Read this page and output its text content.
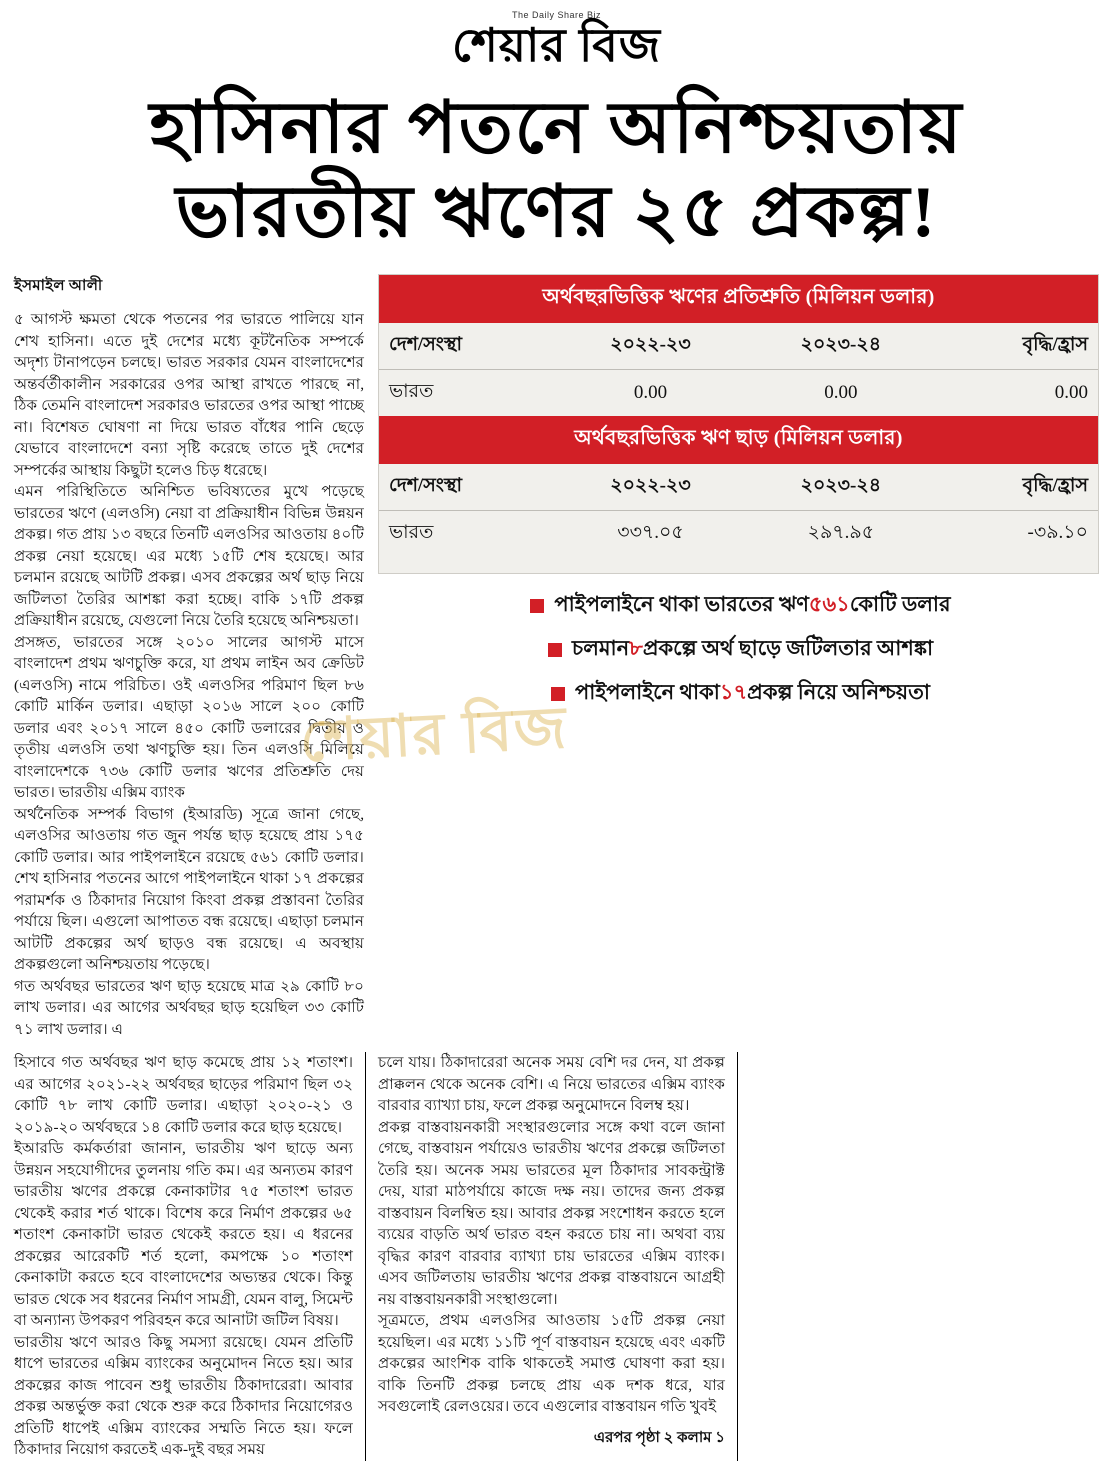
The Daily Share Biz
শেয়ার বিজ
হাসিনার পতনে অনিশ্চয়তায়
ভারতীয় ঋণের ২৫ প্রকল্প!
ইসমাইল আলী

৫ আগস্ট ক্ষমতা থেকে পতনের পর ভারতে পালিয়ে যান শেখ হাসিনা। এতে দুই দেশের মধ্যে কূটনৈতিক সম্পর্কে অদৃশ্য টানাপড়েন চলছে। ভারত সরকার যেমন বাংলাদেশের অন্তর্বর্তীকালীন সরকারের ওপর আস্থা রাখতে পারছে না, ঠিক তেমনি বাংলাদেশ সরকারও ভারতের ওপর আস্থা পাচ্ছে না। বিশেষত ঘোষণা না দিয়ে ভারত বাঁধের পানি ছেড়ে যেভাবে বাংলাদেশে বন্যা সৃষ্টি করেছে তাতে দুই দেশের সম্পর্কের আস্থায় কিছুটা হলেও চিড় ধরেছে।

এমন পরিস্থিতিতে অনিশ্চিত ভবিষ্যতের মুখে পড়েছে ভারতের ঋণে (এলওসি) নেয়া বা প্রক্রিয়াধীন বিভিন্ন উন্নয়ন প্রকল্প। গত প্রায় ১৩ বছরে তিনটি এলওসির আওতায় ৪০টি প্রকল্প নেয়া হয়েছে। এর মধ্যে ১৫টি শেষ হয়েছে। আর চলমান রয়েছে আটটি প্রকল্প। এসব প্রকল্পের অর্থ ছাড় নিয়ে জটিলতা তৈরির আশঙ্কা করা হচ্ছে। বাকি ১৭টি প্রকল্প প্রক্রিয়াধীন রয়েছে, যেগুলো নিয়ে তৈরি হয়েছে অনিশ্চয়তা।

প্রসঙ্গত, ভারতের সঙ্গে ২০১০ সালের আগস্ট মাসে বাংলাদেশ প্রথম ঋণচুক্তি করে, যা প্রথম লাইন অব ক্রেডিট (এলওসি) নামে পরিচিত। ওই এলওসির পরিমাণ ছিল ৮৬ কোটি মার্কিন ডলার। এছাড়া ২০১৬ সালে ২০০ কোটি ডলার এবং ২০১৭ সালে ৪৫০ কোটি ডলারের দ্বিতীয় ও তৃতীয় এলওসি তথা ঋণচুক্তি হয়। তিন এলওসি মিলিয়ে বাংলাদেশকে ৭৩৬ কোটি ডলার ঋণের প্রতিশ্রুতি দেয় ভারত। ভারতীয় এক্সিম ব্যাংক

অর্থনৈতিক সম্পর্ক বিভাগ (ইআরডি) সূত্রে জানা গেছে, এলওসির আওতায় গত জুন পর্যন্ত ছাড় হয়েছে প্রায় ১৭৫ কোটি ডলার। আর পাইপলাইনে রয়েছে ৫৬১ কোটি ডলার। শেখ হাসিনার পতনের আগে পাইপলাইনে থাকা ১৭ প্রকল্পের পরামর্শক ও ঠিকাদার নিয়োগ কিংবা প্রকল্প প্রস্তাবনা তৈরির পর্যায়ে ছিল। এগুলো আপাতত বন্ধ রয়েছে। এছাড়া চলমান আটটি প্রকল্পের অর্থ ছাড়ও বন্ধ রয়েছে। এ অবস্থায় প্রকল্পগুলো অনিশ্চয়তায় পড়েছে।

গত অর্থবছর ভারতের ঋণ ছাড় হয়েছে মাত্র ২৯ কোটি ৮০ লাখ ডলার। এর আগের অর্থবছর ছাড় হয়েছিল ৩৩ কোটি ৭১ লাখ ডলার। এ

অর্থবছরভিত্তিক ঋণের প্রতিশ্রুতি (মিলিয়ন ডলার)
দেশ/সংস্থা	২০২২-২৩	২০২৩-২৪	বৃদ্ধি/হ্রাস
ভারত	0.00	0.00	0.00
অর্থবছরভিত্তিক ঋণ ছাড় (মিলিয়ন ডলার)
দেশ/সংস্থা	২০২২-২৩	২০২৩-২৪	বৃদ্ধি/হ্রাস
ভারত	৩৩৭.০৫	২৯৭.৯৫	-৩৯.১০
পাইপলাইনে থাকা ভারতের ঋণ ৫৬১ কোটি ডলার
চলমান ৮ প্রকল্পে অর্থ ছাড়ে জটিলতার আশঙ্কা
পাইপলাইনে থাকা ১৭ প্রকল্প নিয়ে অনিশ্চয়তা

হিসাবে গত অর্থবছর ঋণ ছাড় কমেছে প্রায় ১২ শতাংশ। এর আগের ২০২১-২২ অর্থবছর ছাড়ের পরিমাণ ছিল ৩২ কোটি ৭৮ লাখ কোটি ডলার। এছাড়া ২০২০-২১ ও ২০১৯-২০ অর্থবছরে ১৪ কোটি ডলার করে ছাড় হয়েছে।

ইআরডি কর্মকর্তারা জানান, ভারতীয় ঋণ ছাড়ে অন্য উন্নয়ন সহযোগীদের তুলনায় গতি কম। এর অন্যতম কারণ ভারতীয় ঋণের প্রকল্পে কেনাকাটার ৭৫ শতাংশ ভারত থেকেই করার শর্ত থাকে। বিশেষ করে নির্মাণ প্রকল্পের ৬৫ শতাংশ কেনাকাটা ভারত থেকেই করতে হয়। এ ধরনের প্রকল্পের আরেকটি শর্ত হলো, কমপক্ষে ১০ শতাংশ কেনাকাটা করতে হবে বাংলাদেশের অভ্যন্তর থেকে। কিন্তু ভারত থেকে সব ধরনের নির্মাণ সামগ্রী, যেমন বালু, সিমেন্ট বা অন্যান্য উপকরণ পরিবহন করে আনাটা জটিল বিষয়।

ভারতীয় ঋণে আরও কিছু সমস্যা রয়েছে। যেমন প্রতিটি ধাপে ভারতের এক্সিম ব্যাংকের অনুমোদন নিতে হয়। আর প্রকল্পের কাজ পাবেন শুধু ভারতীয় ঠিকাদারেরা। আবার প্রকল্প অন্তর্ভুক্ত করা থেকে শুরু করে ঠিকাদার নিয়োগেরও প্রতিটি ধাপেই এক্সিম ব্যাংকের সম্মতি নিতে হয়। ফলে ঠিকাদার নিয়োগ করতেই এক-দুই বছর সময়

চলে যায়। ঠিকাদারেরা অনেক সময় বেশি দর দেন, যা প্রকল্প প্রাক্কলন থেকে অনেক বেশি। এ নিয়ে ভারতের এক্সিম ব্যাংক বারবার ব্যাখ্যা চায়, ফলে প্রকল্প অনুমোদনে বিলম্ব হয়।

প্রকল্প বাস্তবায়নকারী সংস্থারগুলোর সঙ্গে কথা বলে জানা গেছে, বাস্তবায়ন পর্যায়েও ভারতীয় ঋণের প্রকল্পে জটিলতা তৈরি হয়। অনেক সময় ভারতের মূল ঠিকাদার সাবকন্ট্রাক্ট দেয়, যারা মাঠপর্যায়ে কাজে দক্ষ নয়। তাদের জন্য প্রকল্প বাস্তবায়ন বিলম্বিত হয়। আবার প্রকল্প সংশোধন করতে হলে ব্যয়ের বাড়তি অর্থ ভারত বহন করতে চায় না। অথবা ব্যয় বৃদ্ধির কারণ বারবার ব্যাখ্যা চায় ভারতের এক্সিম ব্যাংক। এসব জটিলতায় ভারতীয় ঋণের প্রকল্প বাস্তবায়নে আগ্রহী নয় বাস্তবায়নকারী সংস্থাগুলো।

সূত্রমতে, প্রথম এলওসির আওতায় ১৫টি প্রকল্প নেয়া হয়েছিল। এর মধ্যে ১১টি পূর্ণ বাস্তবায়ন হয়েছে এবং একটি প্রকল্পের আংশিক বাকি থাকতেই সমাপ্ত ঘোষণা করা হয়। বাকি তিনটি প্রকল্প চলছে প্রায় এক দশক ধরে, যার সবগুলোই রেলওয়ের। তবে এগুলোর বাস্তবায়ন গতি খুবই

এরপর পৃষ্ঠা ২ কলাম ১
শেয়ার বিজ
